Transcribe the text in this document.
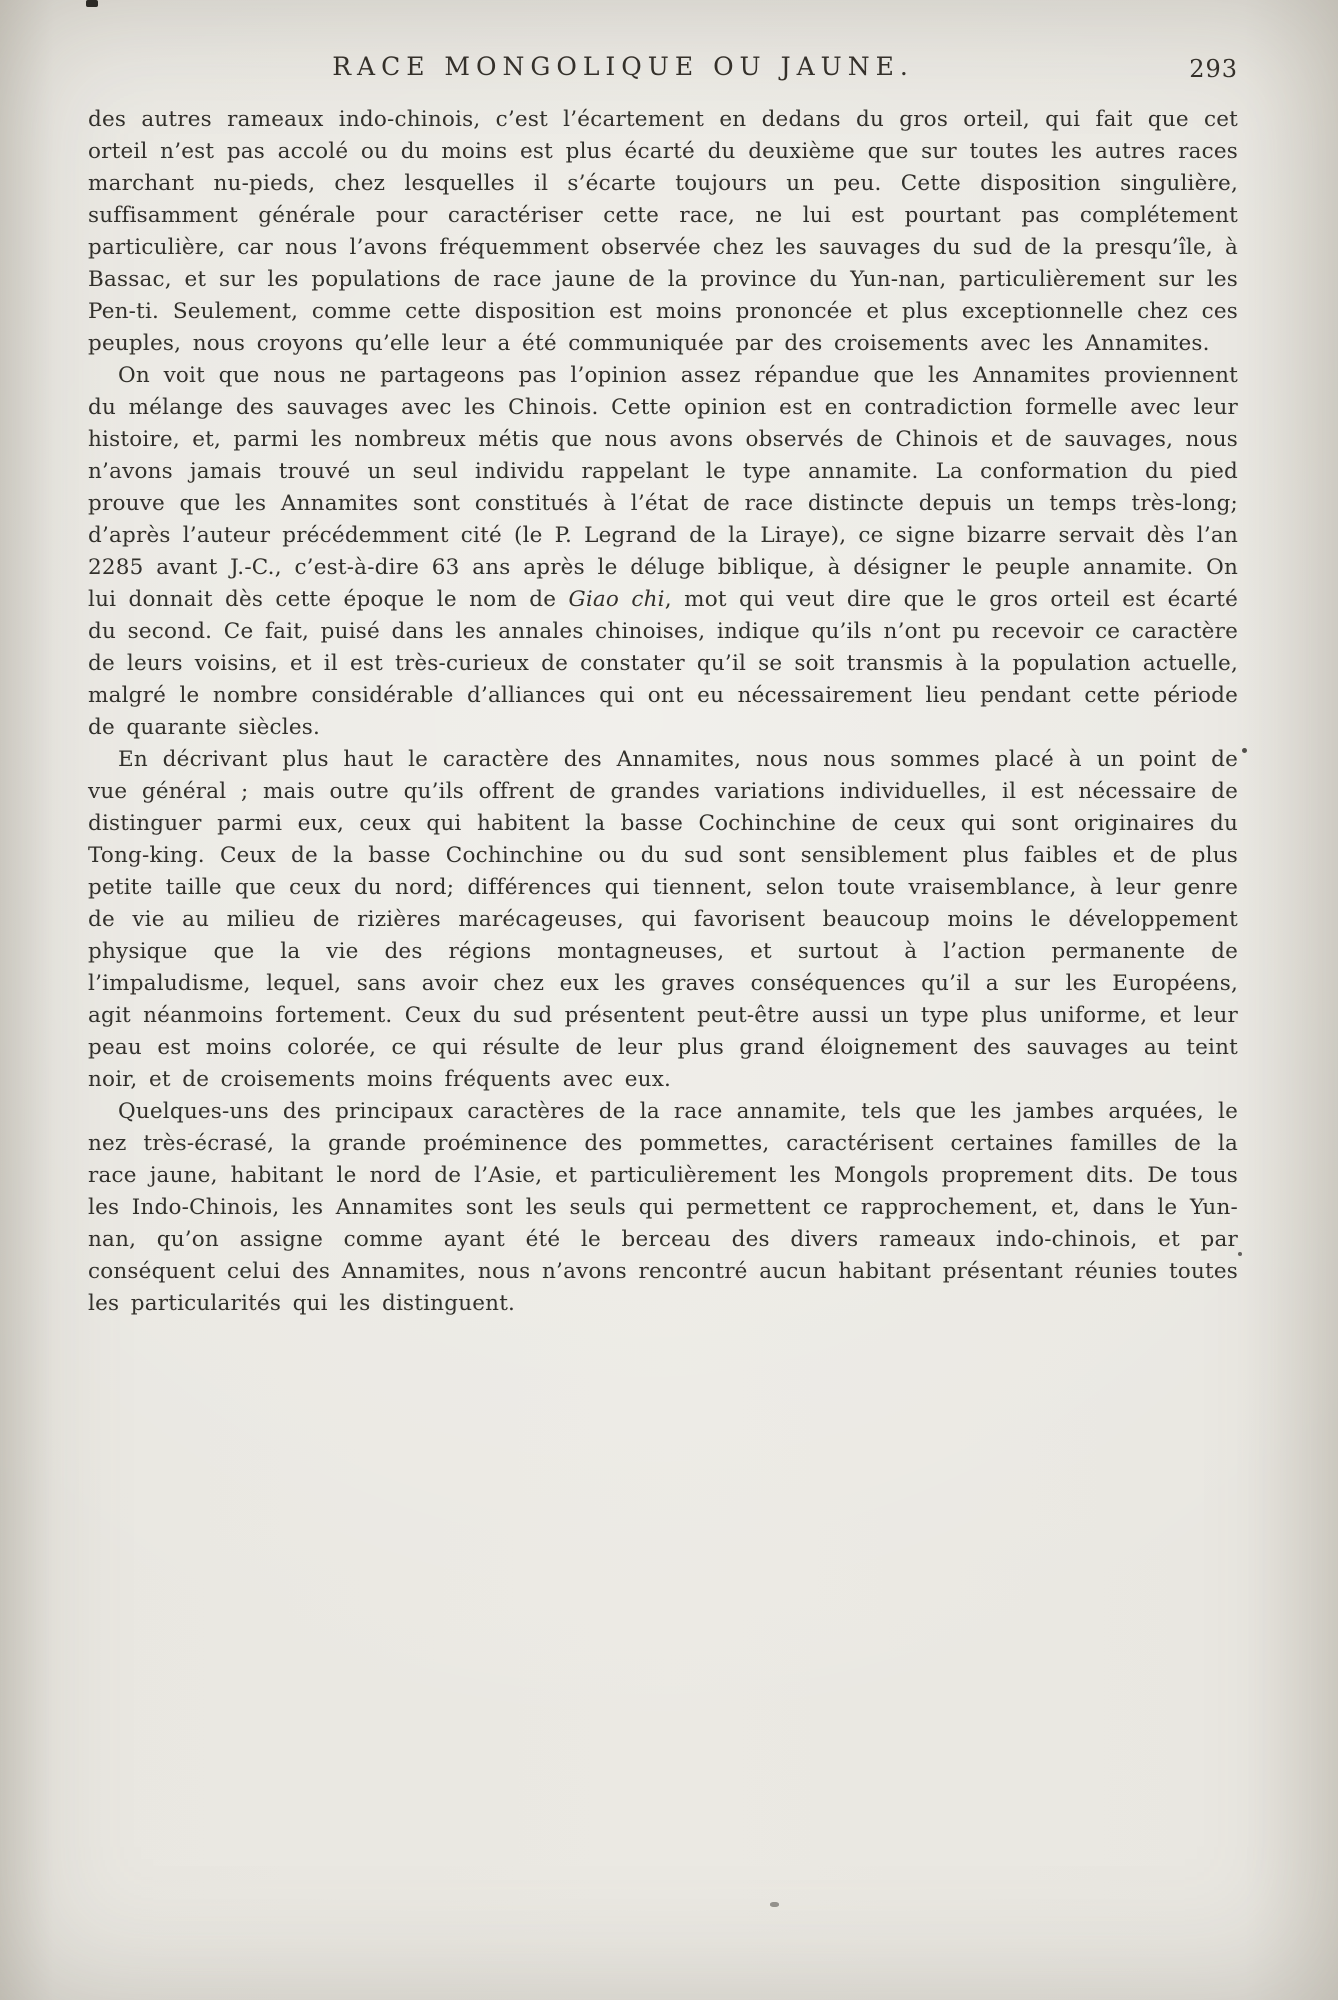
RACE MONGOLIQUE OU JAUNE.	293

des autres rameaux indo-chinois, c’est l’écartement en dedans du gros orteil, qui fait que cet orteil n’est pas accolé ou du moins est plus écarté du deuxième que sur toutes les autres races marchant nu-pieds, chez lesquelles il s’écarte toujours un peu. Cette disposition singulière, suffisamment générale pour caractériser cette race, ne lui est pourtant pas complétement particulière, car nous l’avons fréquemment observée chez les sauvages du sud de la presqu’île, à Bassac, et sur les populations de race jaune de la province du Yun-nan, particulièrement sur les Pen-ti. Seulement, comme cette disposition est moins prononcée et plus exceptionnelle chez ces peuples, nous croyons qu’elle leur a été communiquée par des croisements avec les Annamites.

On voit que nous ne partageons pas l’opinion assez répandue que les Annamites proviennent du mélange des sauvages avec les Chinois. Cette opinion est en contradiction formelle avec leur histoire, et, parmi les nombreux métis que nous avons observés de Chinois et de sauvages, nous n’avons jamais trouvé un seul individu rappelant le type annamite. La conformation du pied prouve que les Annamites sont constitués à l’état de race distincte depuis un temps très-long; d’après l’auteur précédemment cité (le P. Legrand de la Liraye), ce signe bizarre servait dès l’an 2285 avant J.-C., c’est-à-dire 63 ans après le déluge biblique, à désigner le peuple annamite. On lui donnait dès cette époque le nom de Giao chi, mot qui veut dire que le gros orteil est écarté du second. Ce fait, puisé dans les annales chinoises, indique qu’ils n’ont pu recevoir ce caractère de leurs voisins, et il est très-curieux de constater qu’il se soit transmis à la population actuelle, malgré le nombre considérable d’alliances qui ont eu nécessairement lieu pendant cette période de quarante siècles.

En décrivant plus haut le caractère des Annamites, nous nous sommes placé à un point de vue général ; mais outre qu’ils offrent de grandes variations individuelles, il est nécessaire de distinguer parmi eux, ceux qui habitent la basse Cochinchine de ceux qui sont originaires du Tong-king. Ceux de la basse Cochinchine ou du sud sont sensiblement plus faibles et de plus petite taille que ceux du nord; différences qui tiennent, selon toute vraisemblance, à leur genre de vie au milieu de rizières marécageuses, qui favorisent beaucoup moins le développement physique que la vie des régions montagneuses, et surtout à l’action permanente de l’impaludisme, lequel, sans avoir chez eux les graves conséquences qu’il a sur les Européens, agit néanmoins fortement. Ceux du sud présentent peut-être aussi un type plus uniforme, et leur peau est moins colorée, ce qui résulte de leur plus grand éloignement des sauvages au teint noir, et de croisements moins fréquents avec eux.

Quelques-uns des principaux caractères de la race annamite, tels que les jambes arquées, le nez très-écrasé, la grande proéminence des pommettes, caractérisent certaines familles de la race jaune, habitant le nord de l’Asie, et particulièrement les Mongols proprement dits. De tous les Indo-Chinois, les Annamites sont les seuls qui permettent ce rapprochement, et, dans le Yun-nan, qu’on assigne comme ayant été le berceau des divers rameaux indo-chinois, et par conséquent celui des Annamites, nous n’avons rencontré aucun habitant présentant réunies toutes les particularités qui les distinguent.
